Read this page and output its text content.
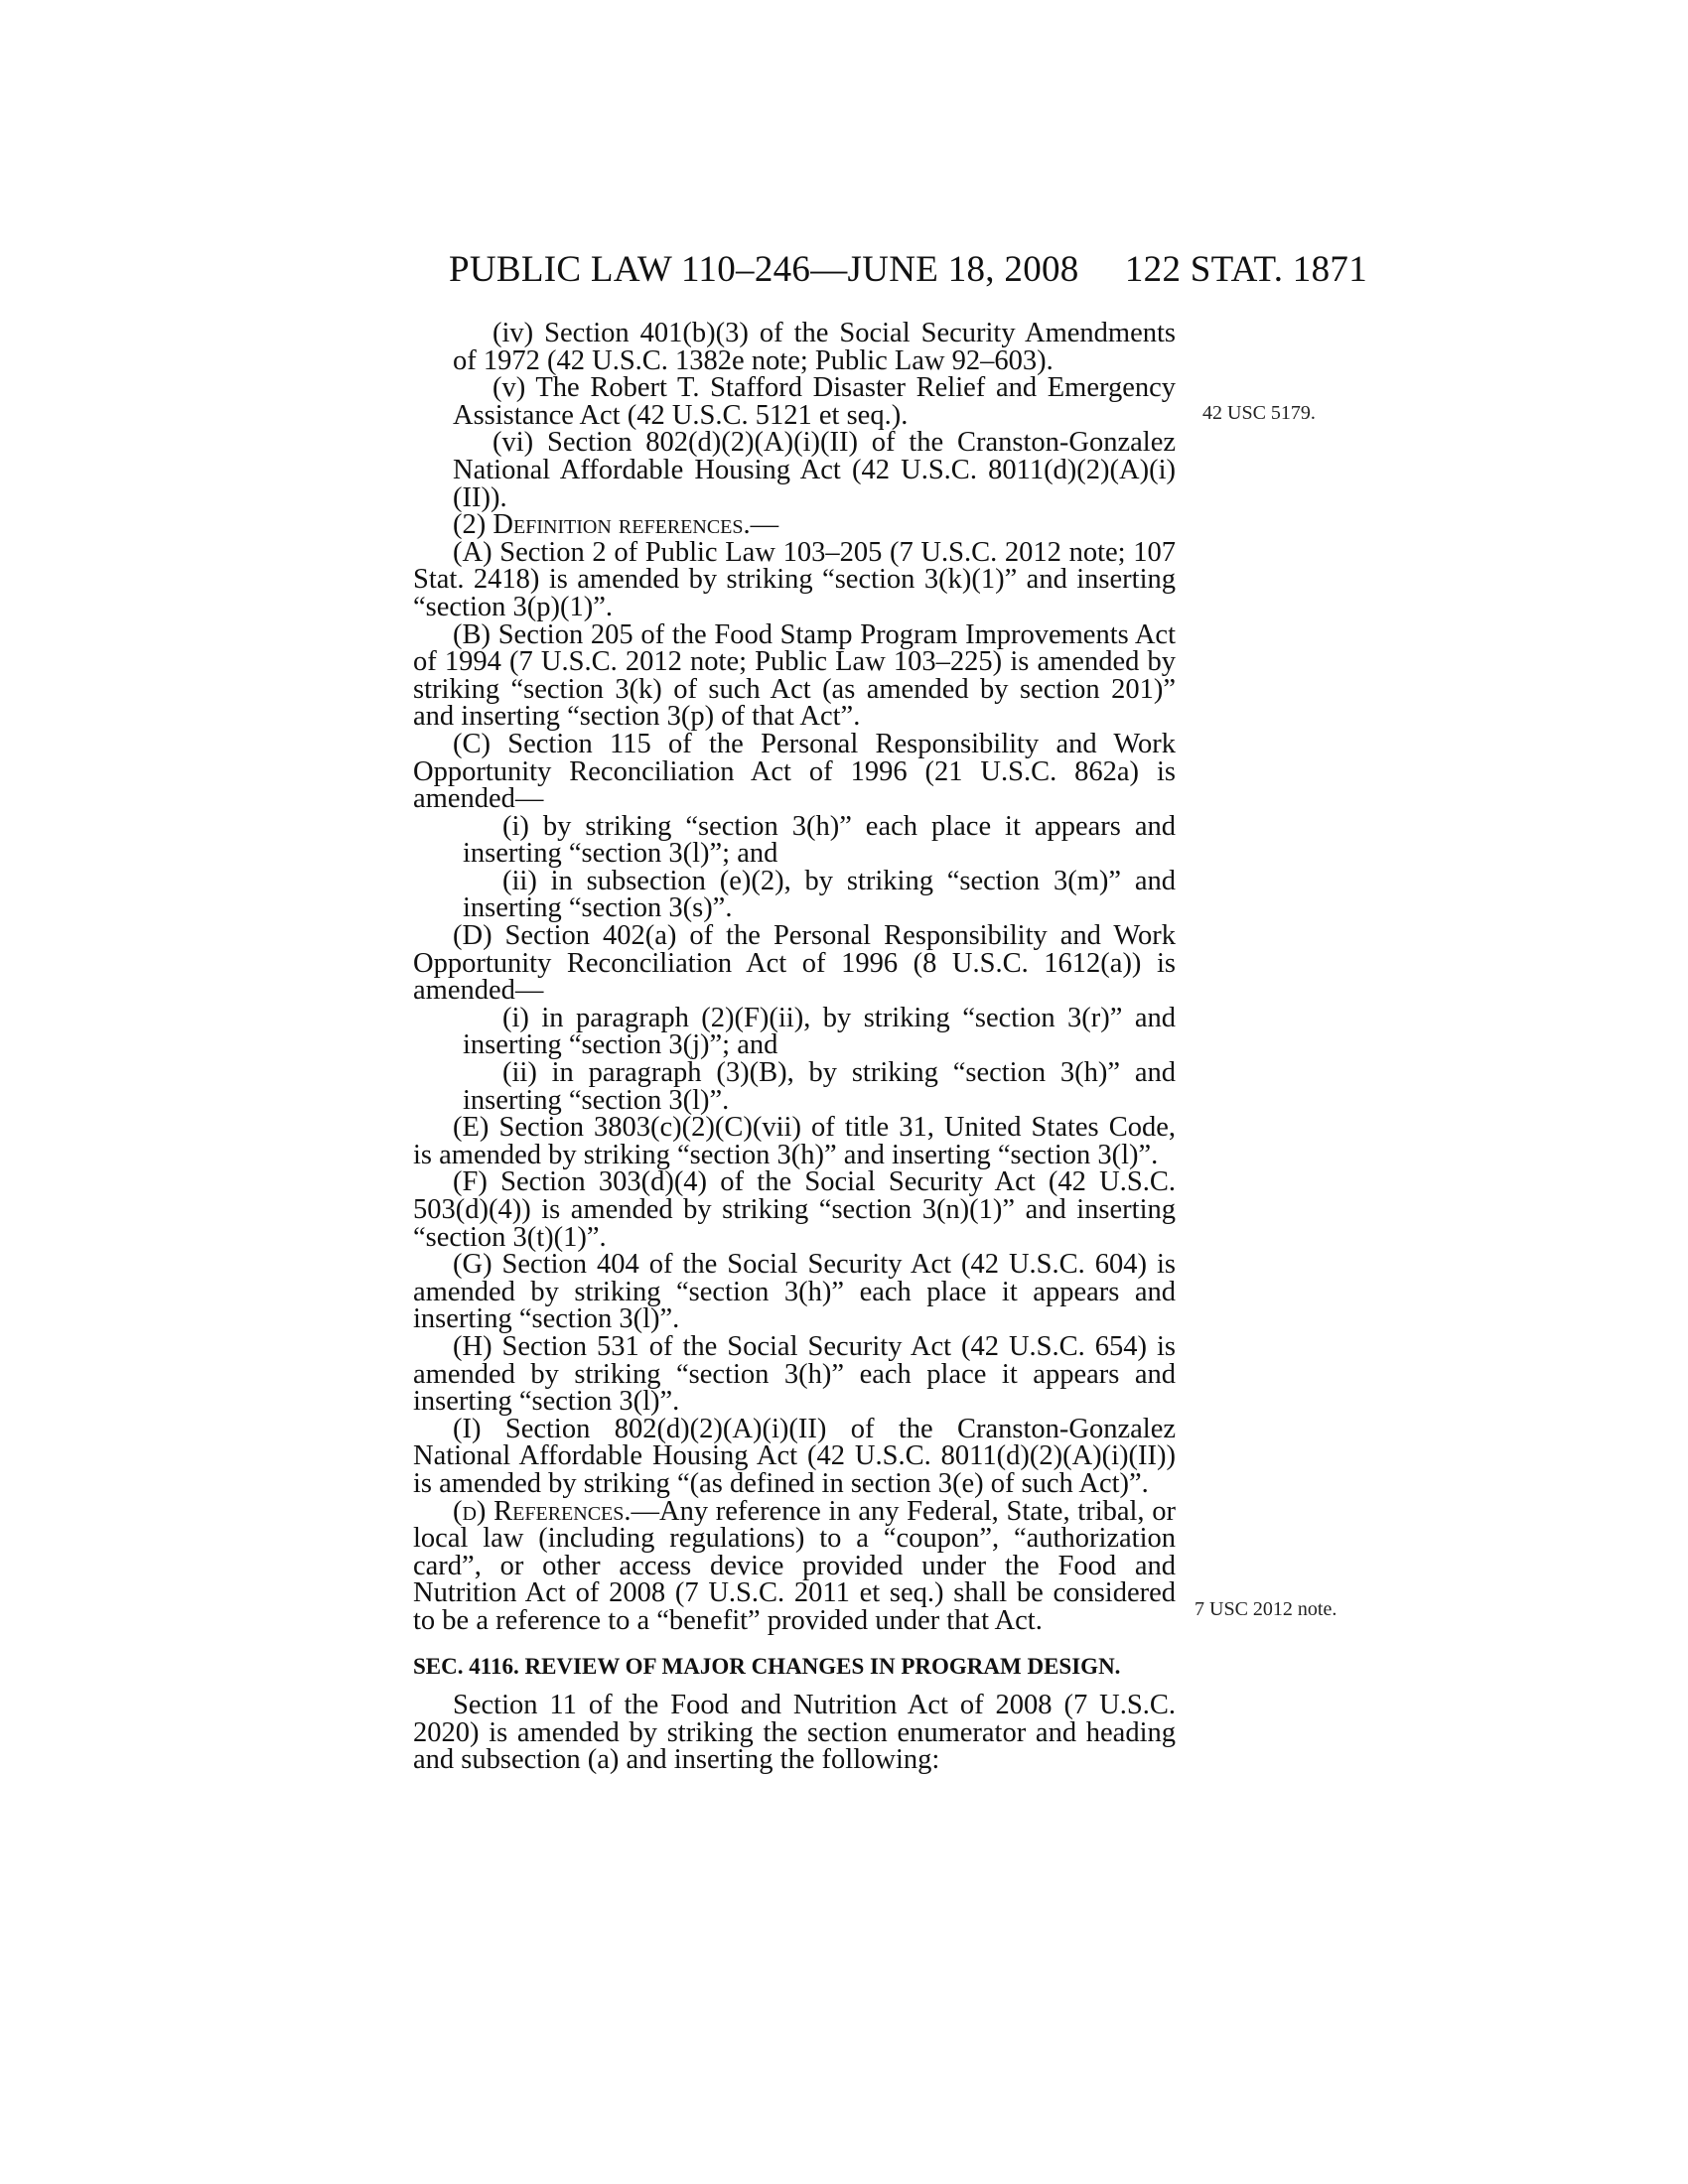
PUBLIC LAW 110–246—JUNE 18, 2008 122 STAT. 1871
42 USC 5179.
7 USC 2012 note.

(iv) Section 401(b)(3) of the Social Security Amendments of 1972 (42 U.S.C. 1382e note; Public Law 92–603).

(v) The Robert T. Stafford Disaster Relief and Emergency Assistance Act (42 U.S.C. 5121 et seq.).

(vi) Section 802(d)(2)(A)(i)(II) of the Cranston-Gonzalez National Affordable Housing Act (42 U.S.C. 8011(d)(2)(A)(i)(II)).

(2) Definition references.—

(A) Section 2 of Public Law 103–205 (7 U.S.C. 2012 note; 107 Stat. 2418) is amended by striking “section 3(k)(1)” and inserting “section 3(p)(1)”.

(B) Section 205 of the Food Stamp Program Improvements Act of 1994 (7 U.S.C. 2012 note; Public Law 103–225) is amended by striking “section 3(k) of such Act (as amended by section 201)” and inserting “section 3(p) of that Act”.

(C) Section 115 of the Personal Responsibility and Work Opportunity Reconciliation Act of 1996 (21 U.S.C. 862a) is amended—

(i) by striking “section 3(h)” each place it appears and inserting “section 3(l)”; and

(ii) in subsection (e)(2), by striking “section 3(m)” and inserting “section 3(s)”.

(D) Section 402(a) of the Personal Responsibility and Work Opportunity Reconciliation Act of 1996 (8 U.S.C. 1612(a)) is amended—

(i) in paragraph (2)(F)(ii), by striking “section 3(r)” and inserting “section 3(j)”; and

(ii) in paragraph (3)(B), by striking “section 3(h)” and inserting “section 3(l)”.

(E) Section 3803(c)(2)(C)(vii) of title 31, United States Code, is amended by striking “section 3(h)” and inserting “section 3(l)”.

(F) Section 303(d)(4) of the Social Security Act (42 U.S.C. 503(d)(4)) is amended by striking “section 3(n)(1)” and inserting “section 3(t)(1)”.

(G) Section 404 of the Social Security Act (42 U.S.C. 604) is amended by striking “section 3(h)” each place it appears and inserting “section 3(l)”.

(H) Section 531 of the Social Security Act (42 U.S.C. 654) is amended by striking “section 3(h)” each place it appears and inserting “section 3(l)”.

(I) Section 802(d)(2)(A)(i)(II) of the Cranston-Gonzalez National Affordable Housing Act (42 U.S.C. 8011(d)(2)(A)(i)(II)) is amended by striking “(as defined in section 3(e) of such Act)”.

(d) References.—Any reference in any Federal, State, tribal, or local law (including regulations) to a “coupon”, “authorization card”, or other access device provided under the Food and Nutrition Act of 2008 (7 U.S.C. 2011 et seq.) shall be considered to be a reference to a “benefit” provided under that Act.

SEC. 4116. REVIEW OF MAJOR CHANGES IN PROGRAM DESIGN.

Section 11 of the Food and Nutrition Act of 2008 (7 U.S.C. 2020) is amended by striking the section enumerator and heading and subsection (a) and inserting the following:
